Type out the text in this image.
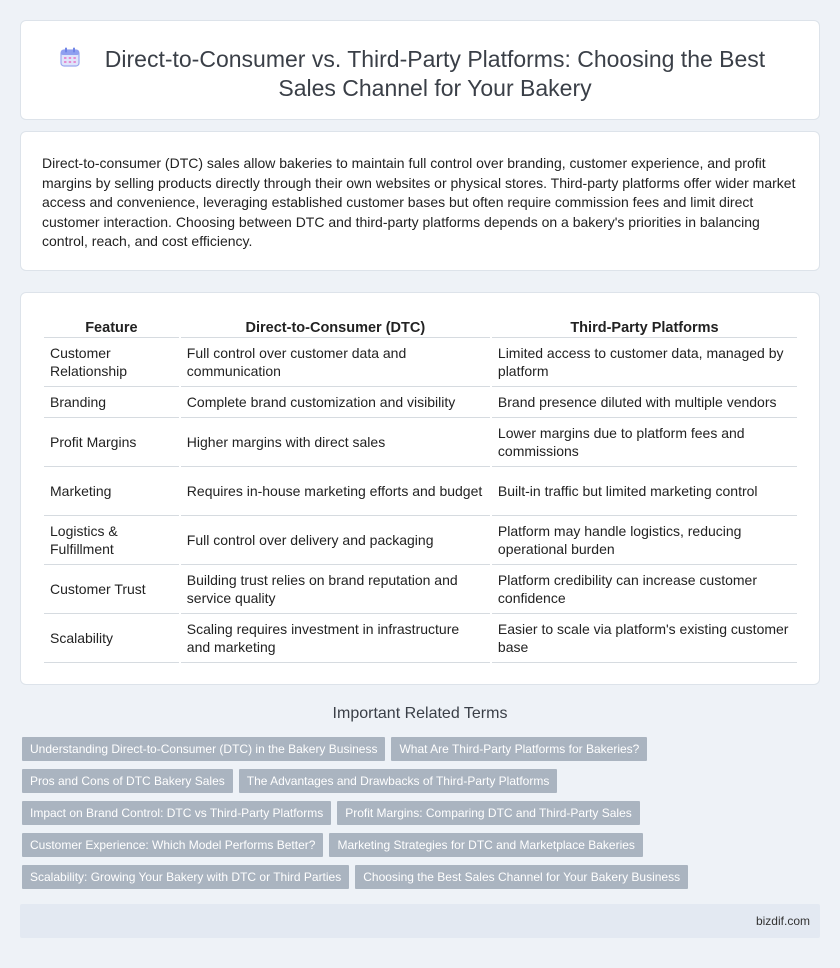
Direct-to-Consumer vs. Third-Party Platforms: Choosing the Best Sales Channel for Your Bakery

Direct-to-consumer (DTC) sales allow bakeries to maintain full control over branding, customer experience, and profit margins by selling products directly through their own websites or physical stores. Third-party platforms offer wider market access and convenience, leveraging established customer bases but often require commission fees and limit direct customer interaction. Choosing between DTC and third-party platforms depends on a bakery's priorities in balancing control, reach, and cost efficiency.

Feature	Direct-to-Consumer (DTC)	Third-Party Platforms
Customer Relationship	Full control over customer data and communication	Limited access to customer data, managed by platform
Branding	Complete brand customization and visibility	Brand presence diluted with multiple vendors
Profit Margins	Higher margins with direct sales	Lower margins due to platform fees and commissions
Marketing	Requires in-house marketing efforts and budget	Built-in traffic but limited marketing control
Logistics & Fulfillment	Full control over delivery and packaging	Platform may handle logistics, reducing operational burden
Customer Trust	Building trust relies on brand reputation and service quality	Platform credibility can increase customer confidence
Scalability	Scaling requires investment in infrastructure and marketing	Easier to scale via platform's existing customer base
Important Related Terms
Understanding Direct-to-Consumer (DTC) in the Bakery Business What Are Third-Party Platforms for Bakeries?
Pros and Cons of DTC Bakery Sales The Advantages and Drawbacks of Third-Party Platforms
Impact on Brand Control: DTC vs Third-Party Platforms Profit Margins: Comparing DTC and Third-Party Sales
Customer Experience: Which Model Performs Better? Marketing Strategies for DTC and Marketplace Bakeries
Scalability: Growing Your Bakery with DTC or Third Parties Choosing the Best Sales Channel for Your Bakery Business
bizdif.com
